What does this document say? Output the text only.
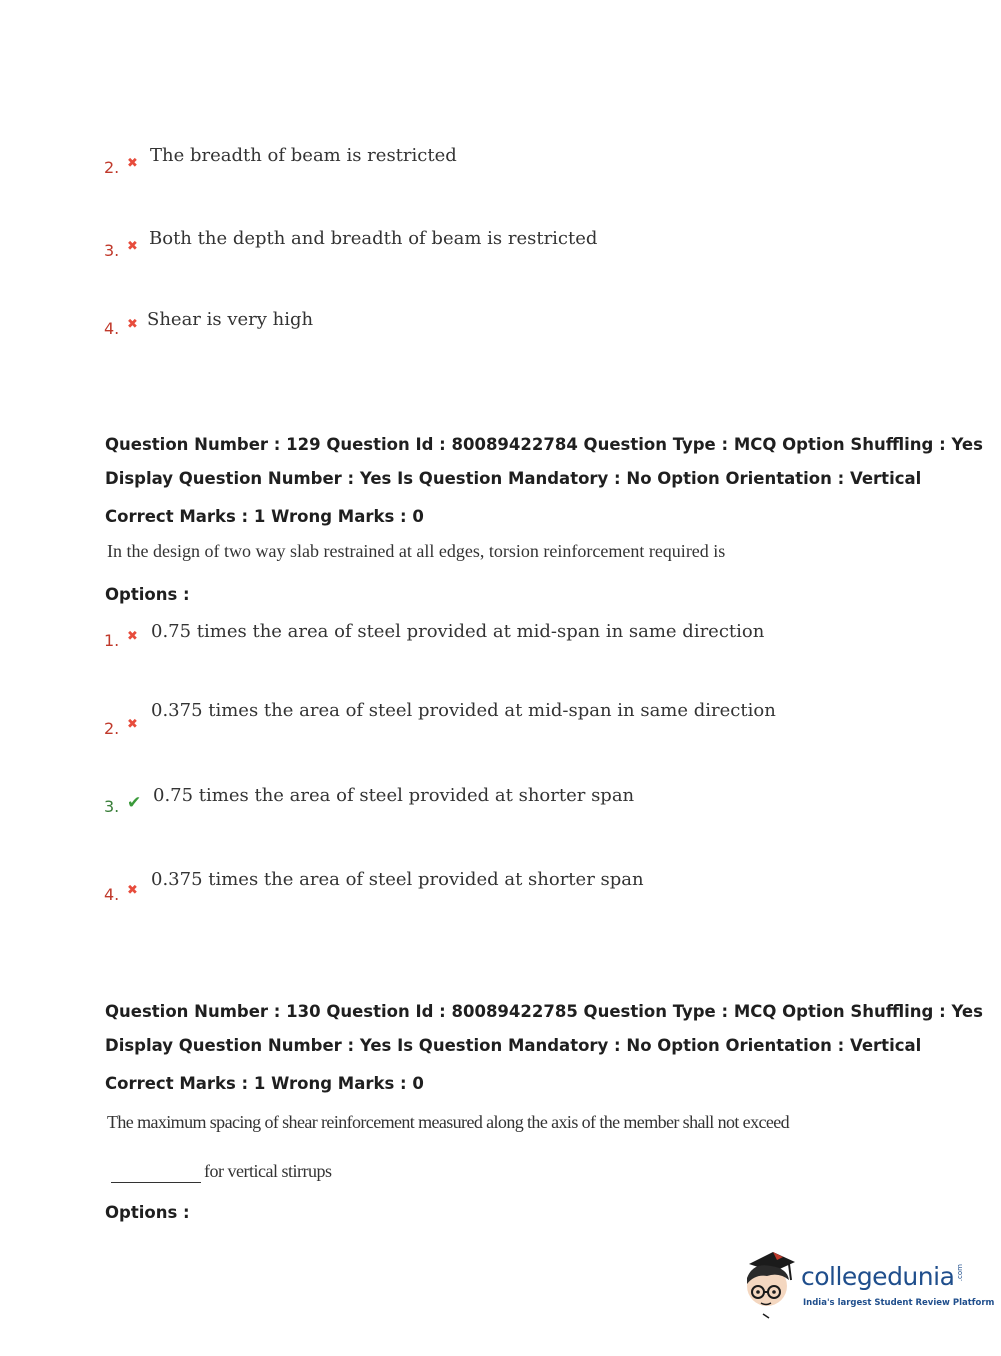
2. ✖ The breadth of beam is restricted
3. ✖ Both the depth and breadth of beam is restricted
4. ✖ Shear is very high
Question Number : 129 Question Id : 80089422784 Question Type : MCQ Option Shuffling : Yes
Display Question Number : Yes Is Question Mandatory : No Option Orientation : Vertical
Correct Marks : 1 Wrong Marks : 0
In the design of two way slab restrained at all edges, torsion reinforcement required is
Options :
1. ✖ 0.75 times the area of steel provided at mid-span in same direction
2. ✖
0.375 times the area of steel provided at mid-span in same direction
3. ✔ 0.75 times the area of steel provided at shorter span
4. ✖
0.375 times the area of steel provided at shorter span
Question Number : 130 Question Id : 80089422785 Question Type : MCQ Option Shuffling : Yes
Display Question Number : Yes Is Question Mandatory : No Option Orientation : Vertical
Correct Marks : 1 Wrong Marks : 0
The maximum spacing of shear reinforcement measured along the axis of the member shall not exceed
for vertical stirrups
Options :
collegedunia .com
India's largest Student Review Platform
